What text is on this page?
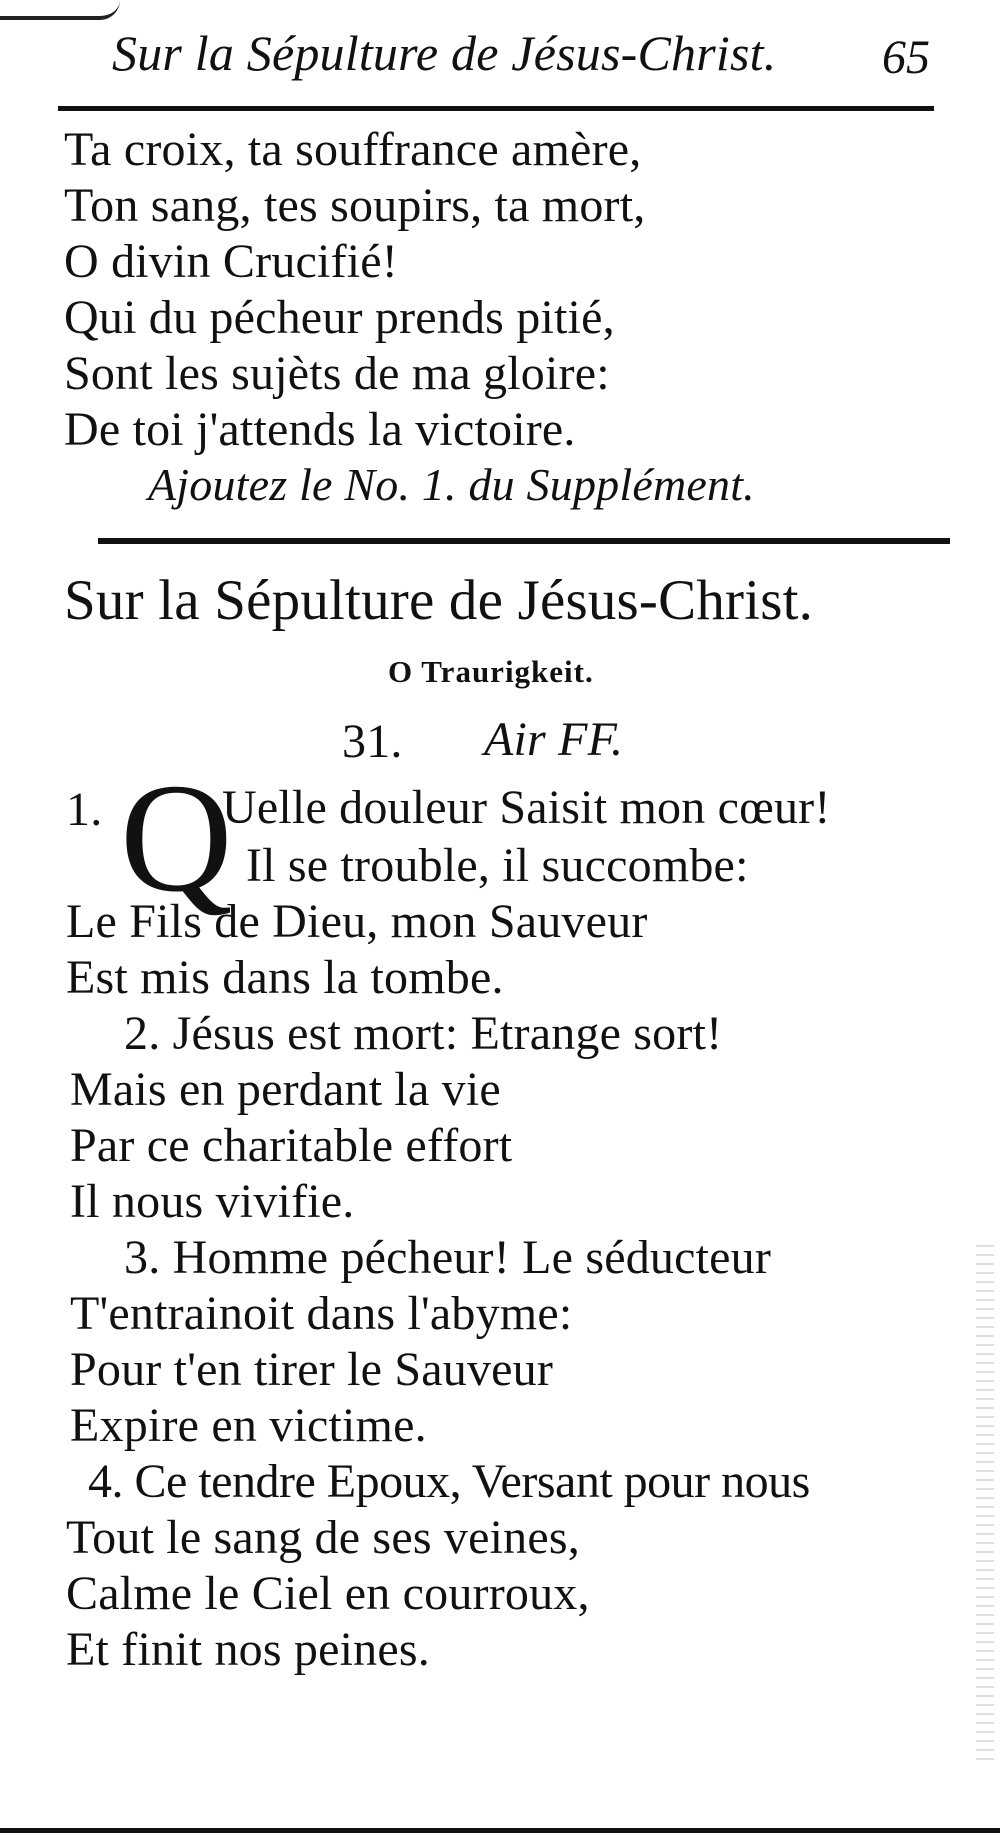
Sur la Sépulture de Jésus-Christ. 65
Ta croix, ta souffrance amère,
Ton sang, tes soupirs, ta mort,
O divin Crucifié!
Qui du pécheur prends pitié,
Sont les sujèts de ma gloire:
De toi j'attends la victoire.
Ajoutez le No. 1. du Supplément.
Sur la Sépulture de Jésus-Christ.
O Traurigkeit.
31. Air FF.
1. Q
Uelle douleur Saisit mon cœur!
Il se trouble, il succombe:
Le Fils de Dieu, mon Sauveur
Est mis dans la tombe.
2. Jésus est mort: Etrange sort!
Mais en perdant la vie
Par ce charitable effort
Il nous vivifie.
3. Homme pécheur! Le séducteur
T'entrainoit dans l'abyme:
Pour t'en tirer le Sauveur
Expire en victime.
4. Ce tendre Epoux, Versant pour nous
Tout le sang de ses veines,
Calme le Ciel en courroux,
Et finit nos peines.
